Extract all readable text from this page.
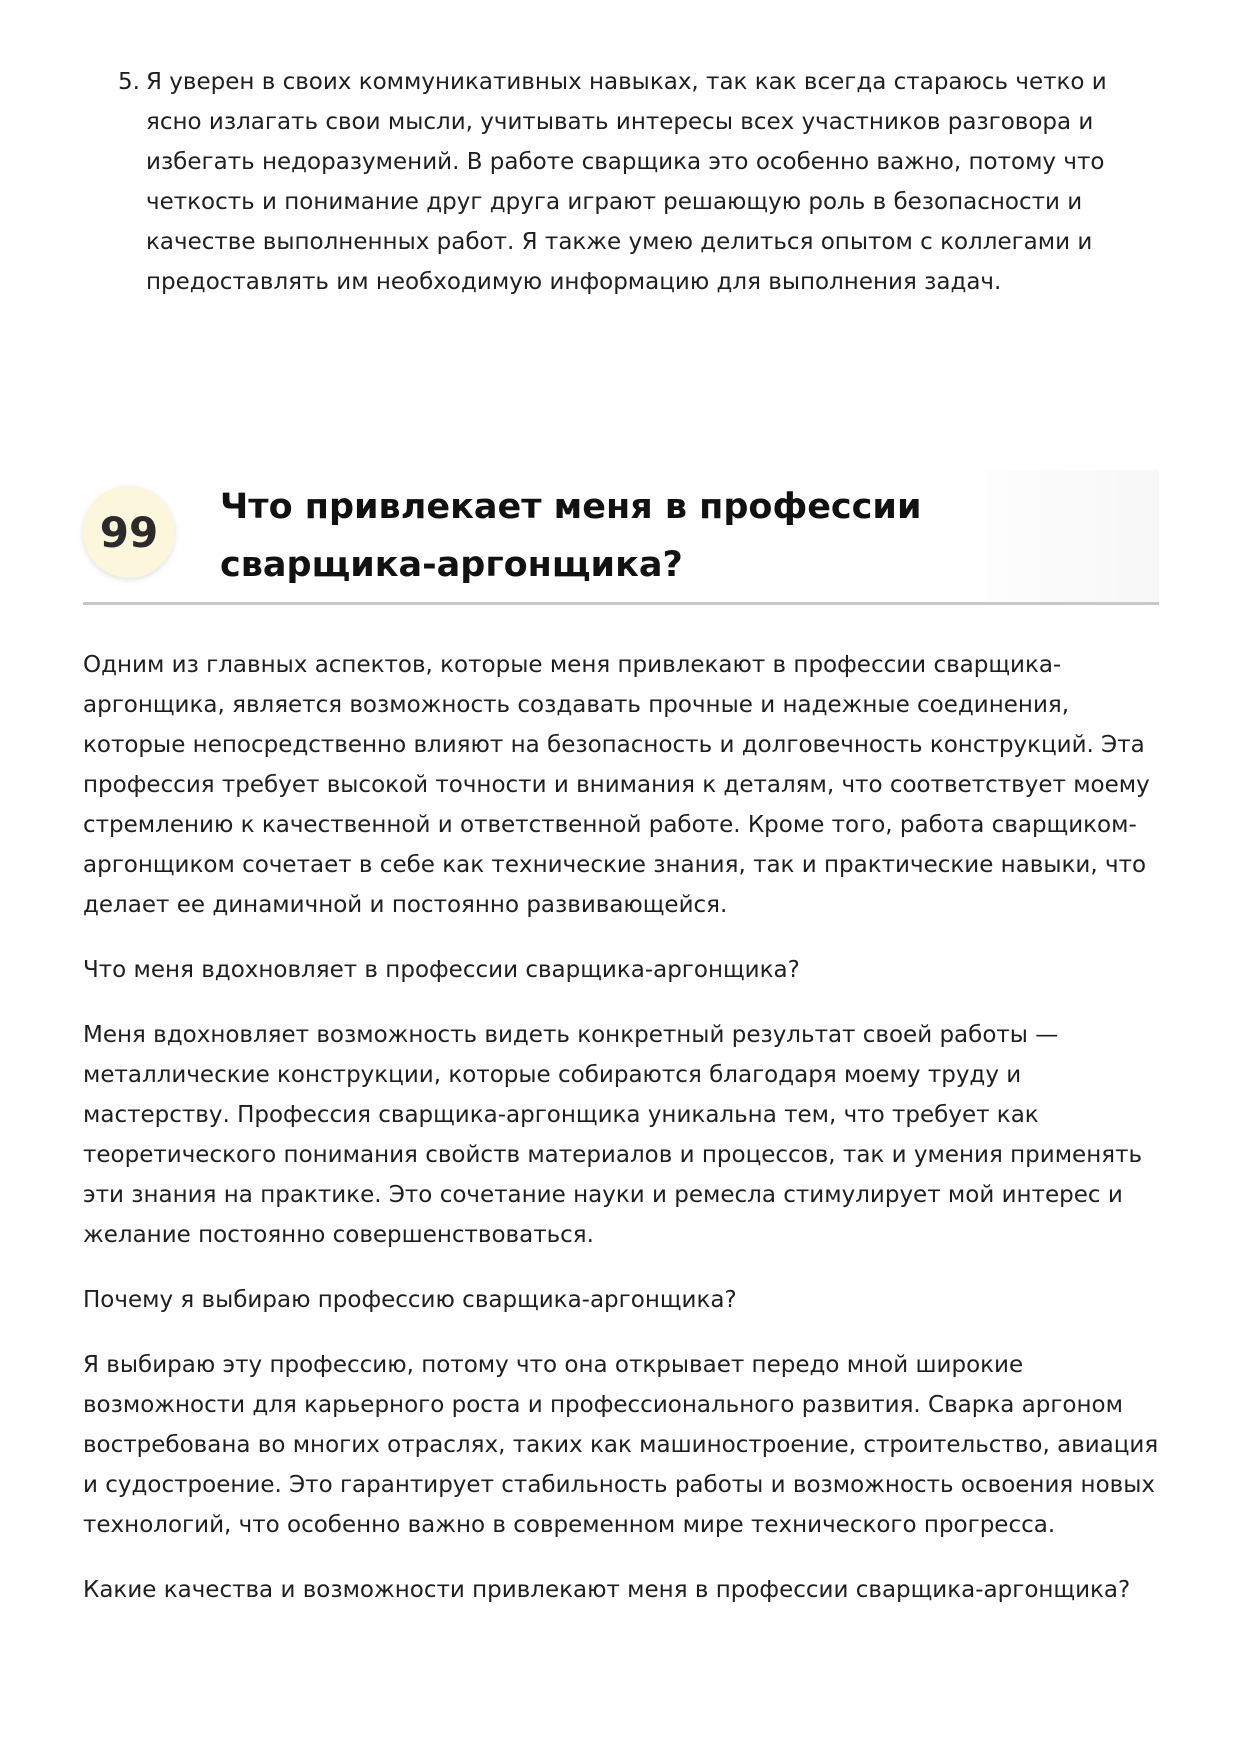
5. Я уверен в своих коммуникативных навыках, так как всегда стараюсь четко и ясно излагать свои мысли, учитывать интересы всех участников разговора и избегать недоразумений. В работе сварщика это особенно важно, потому что четкость и понимание друг друга играют решающую роль в безопасности и качестве выполненных работ. Я также умею делиться опытом с коллегами и предоставлять им необходимую информацию для выполнения задач.
99
Что привлекает меня в профессии сварщика-аргонщика?

Одним из главных аспектов, которые меня привлекают в профессии сварщика-аргонщика, является возможность создавать прочные и надежные соединения, которые непосредственно влияют на безопасность и долговечность конструкций. Эта профессия требует высокой точности и внимания к деталям, что соответствует моему стремлению к качественной и ответственной работе. Кроме того, работа сварщиком-аргонщиком сочетает в себе как технические знания, так и практические навыки, что делает ее динамичной и постоянно развивающейся.

Что меня вдохновляет в профессии сварщика-аргонщика?

Меня вдохновляет возможность видеть конкретный результат своей работы — металлические конструкции, которые собираются благодаря моему труду и мастерству. Профессия сварщика-аргонщика уникальна тем, что требует как теоретического понимания свойств материалов и процессов, так и умения применять эти знания на практике. Это сочетание науки и ремесла стимулирует мой интерес и желание постоянно совершенствоваться.

Почему я выбираю профессию сварщика-аргонщика?

Я выбираю эту профессию, потому что она открывает передо мной широкие возможности для карьерного роста и профессионального развития. Сварка аргоном востребована во многих отраслях, таких как машиностроение, строительство, авиация и судостроение. Это гарантирует стабильность работы и возможность освоения новых технологий, что особенно важно в современном мире технического прогресса.

Какие качества и возможности привлекают меня в профессии сварщика-аргонщика?
